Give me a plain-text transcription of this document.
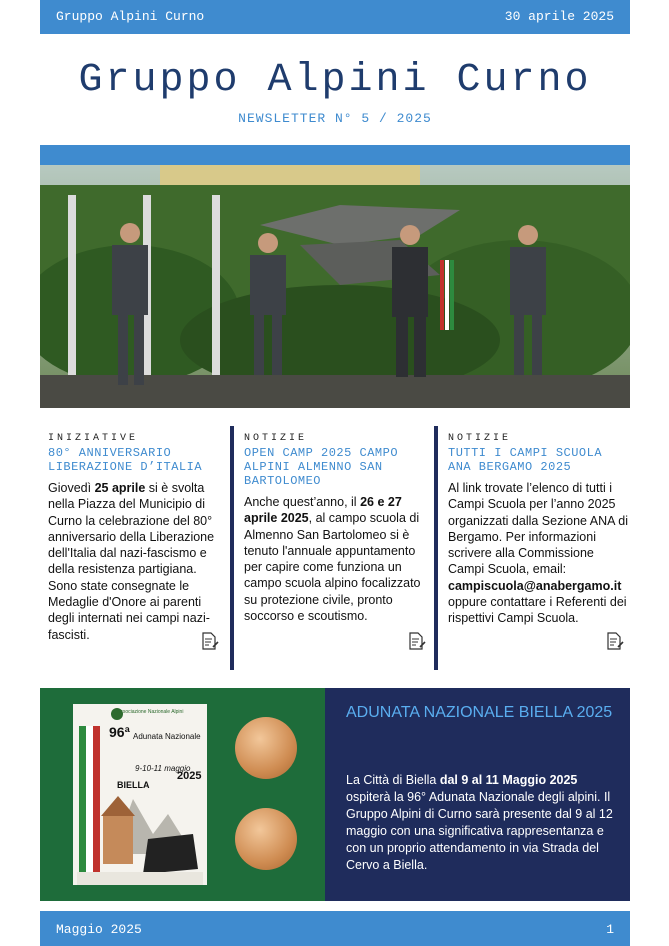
Gruppo Alpini Curno	30 aprile 2025
Gruppo Alpini Curno
NEWSLETTER N° 5 / 2025
INIZIATIVE
80° ANNIVERSARIO LIBERAZIONE D’ITALIA
Giovedì 25 aprile si è svolta nella Piazza del Municipio di Curno la celebrazione del 80° anniversario della Liberazione dell'Italia dal nazi-fascismo e della resistenza partigiana. Sono state consegnate le Medaglie d'Onore ai parenti degli internati nei campi nazi-fascisti.
NOTIZIE
OPEN CAMP 2025 CAMPO ALPINI ALMENNO SAN BARTOLOMEO
Anche quest’anno, il 26 e 27 aprile 2025, al campo scuola di Almenno San Bartolomeo si è tenuto l'annuale appuntamento per capire come funziona un campo scuola alpino focalizzato su protezione civile, pronto soccorso e scoutismo.
NOTIZIE
TUTTI I CAMPI SCUOLA ANA BERGAMO 2025
Al link trovate l’elenco di tutti i Campi Scuola per l’anno 2025 organizzati dalla Sezione ANA di Bergamo. Per informazioni scrivere alla Commissione Campi Scuola, email: campiscuola@anabergamo.it oppure contattare i Referenti dei rispettivi Campi Scuola.
Associazione Nazionale Alpini
96ª Adunata Nazionale
9-10-11 maggio
2025
BIELLA
ADUNATA NAZIONALE BIELLA 2025
La Città di Biella dal 9 al 11 Maggio 2025 ospiterà la 96° Adunata Nazionale degli alpini. Il Gruppo Alpini di Curno sarà presente dal 9 al 12 maggio con una significativa rappresentanza e con un proprio attendamento in via Strada del Cervo a Biella.
Maggio 2025	1
